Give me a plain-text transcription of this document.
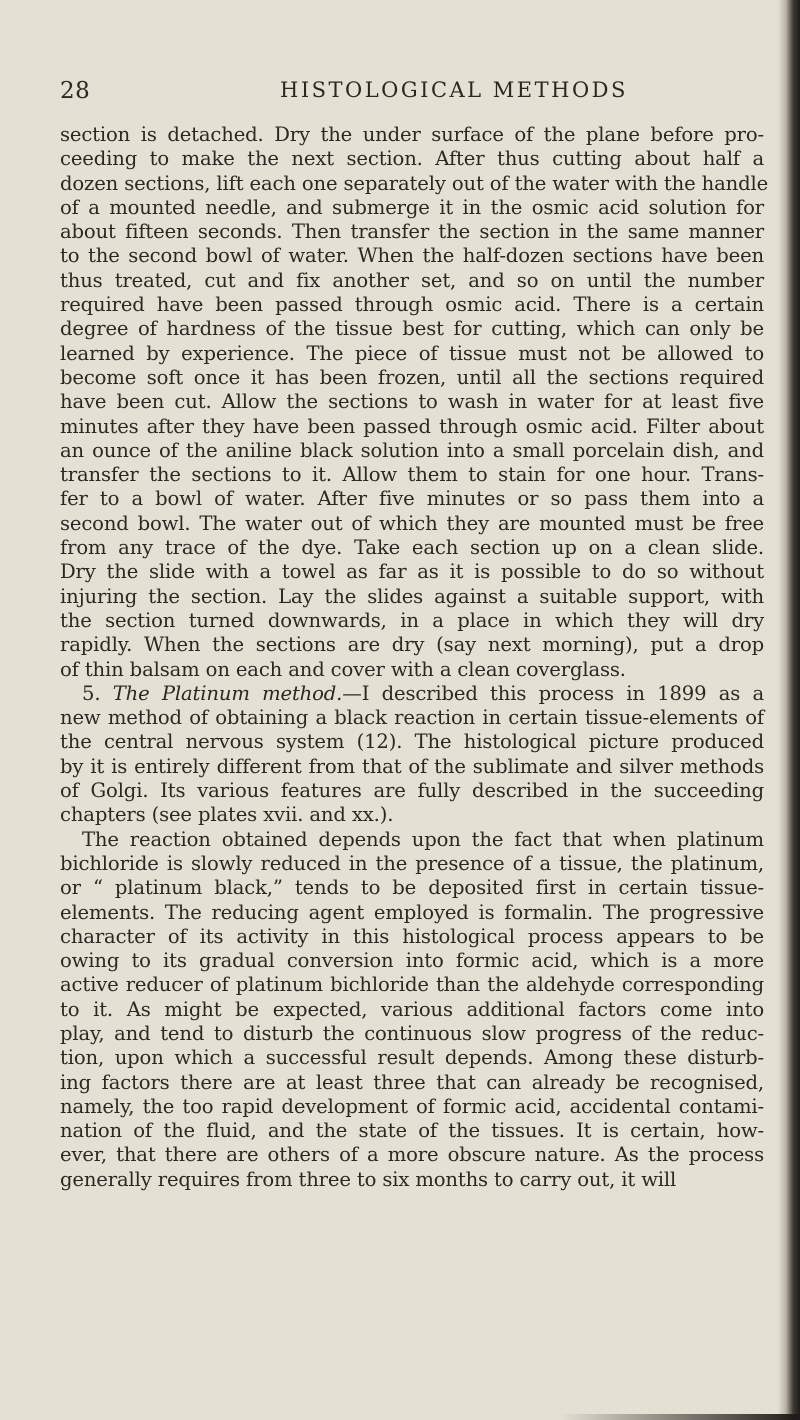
28	HISTOLOGICAL METHODS
section is detached. Dry the under surface of the plane before pro-
ceeding to make the next section. After thus cutting about half a
dozen sections, lift each one separately out of the water with the handle
of a mounted needle, and submerge it in the osmic acid solution for
about fifteen seconds. Then transfer the section in the same manner
to the second bowl of water. When the half-dozen sections have been
thus treated, cut and fix another set, and so on until the number
required have been passed through osmic acid. There is a certain
degree of hardness of the tissue best for cutting, which can only be
learned by experience. The piece of tissue must not be allowed to
become soft once it has been frozen, until all the sections required
have been cut. Allow the sections to wash in water for at least five
minutes after they have been passed through osmic acid. Filter about
an ounce of the aniline black solution into a small porcelain dish, and
transfer the sections to it. Allow them to stain for one hour. Trans-
fer to a bowl of water. After five minutes or so pass them into a
second bowl. The water out of which they are mounted must be free
from any trace of the dye. Take each section up on a clean slide.
Dry the slide with a towel as far as it is possible to do so without
injuring the section. Lay the slides against a suitable support, with
the section turned downwards, in a place in which they will dry
rapidly. When the sections are dry (say next morning), put a drop
of thin balsam on each and cover with a clean coverglass.
5. The Platinum method.—I described this process in 1899 as a
new method of obtaining a black reaction in certain tissue-elements of
the central nervous system (12). The histological picture produced
by it is entirely different from that of the sublimate and silver methods
of Golgi. Its various features are fully described in the succeeding
chapters (see plates xvii. and xx.).
The reaction obtained depends upon the fact that when platinum
bichloride is slowly reduced in the presence of a tissue, the platinum,
or “ platinum black,” tends to be deposited first in certain tissue-
elements. The reducing agent employed is formalin. The progressive
character of its activity in this histological process appears to be
owing to its gradual conversion into formic acid, which is a more
active reducer of platinum bichloride than the aldehyde corresponding
to it. As might be expected, various additional factors come into
play, and tend to disturb the continuous slow progress of the reduc-
tion, upon which a successful result depends. Among these disturb-
ing factors there are at least three that can already be recognised,
namely, the too rapid development of formic acid, accidental contami-
nation of the fluid, and the state of the tissues. It is certain, how-
ever, that there are others of a more obscure nature. As the process
generally requires from three to six months to carry out, it will
